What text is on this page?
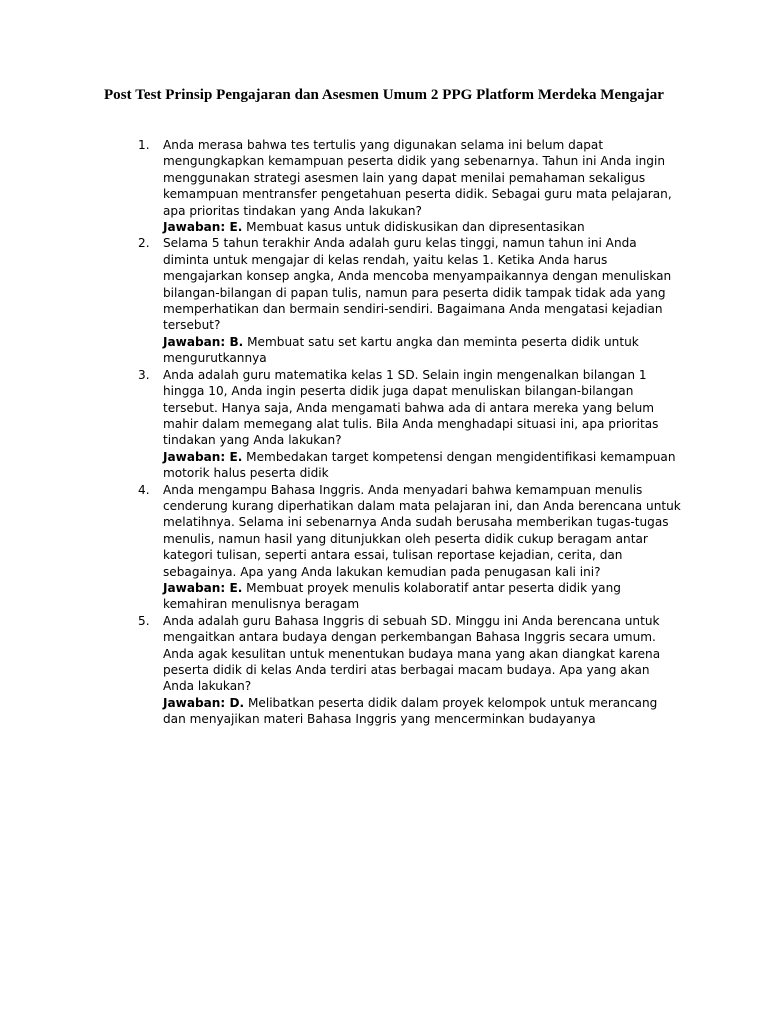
Post Test Prinsip Pengajaran dan Asesmen Umum 2 PPG Platform Merdeka Mengajar
1.	Anda merasa bahwa tes tertulis yang digunakan selama ini belum dapat mengungkapkan kemampuan peserta didik yang sebenarnya. Tahun ini Anda ingin menggunakan strategi asesmen lain yang dapat menilai pemahaman sekaligus kemampuan mentransfer pengetahuan peserta didik. Sebagai guru mata pelajaran, apa prioritas tindakan yang Anda lakukan?
Jawaban: E. Membuat kasus untuk didiskusikan dan dipresentasikan
2.	Selama 5 tahun terakhir Anda adalah guru kelas tinggi, namun tahun ini Anda diminta untuk mengajar di kelas rendah, yaitu kelas 1. Ketika Anda harus mengajarkan konsep angka, Anda mencoba menyampaikannya dengan menuliskan bilangan-bilangan di papan tulis, namun para peserta didik tampak tidak ada yang memperhatikan dan bermain sendiri-sendiri. Bagaimana Anda mengatasi kejadian tersebut?
Jawaban: B. Membuat satu set kartu angka dan meminta peserta didik untuk mengurutkannya
3.	Anda adalah guru matematika kelas 1 SD. Selain ingin mengenalkan bilangan 1 hingga 10, Anda ingin peserta didik juga dapat menuliskan bilangan-bilangan tersebut. Hanya saja, Anda mengamati bahwa ada di antara mereka yang belum mahir dalam memegang alat tulis. Bila Anda menghadapi situasi ini, apa prioritas tindakan yang Anda lakukan?
Jawaban: E. Membedakan target kompetensi dengan mengidentifikasi kemampuan motorik halus peserta didik
4.	Anda mengampu Bahasa Inggris. Anda menyadari bahwa kemampuan menulis cenderung kurang diperhatikan dalam mata pelajaran ini, dan Anda berencana untuk melatihnya. Selama ini sebenarnya Anda sudah berusaha memberikan tugas-tugas menulis, namun hasil yang ditunjukkan oleh peserta didik cukup beragam antar kategori tulisan, seperti antara essai, tulisan reportase kejadian, cerita, dan sebagainya. Apa yang Anda lakukan kemudian pada penugasan kali ini?
Jawaban: E. Membuat proyek menulis kolaboratif antar peserta didik yang kemahiran menulisnya beragam
5.	Anda adalah guru Bahasa Inggris di sebuah SD. Minggu ini Anda berencana untuk mengaitkan antara budaya dengan perkembangan Bahasa Inggris secara umum. Anda agak kesulitan untuk menentukan budaya mana yang akan diangkat karena peserta didik di kelas Anda terdiri atas berbagai macam budaya. Apa yang akan Anda lakukan?
Jawaban: D. Melibatkan peserta didik dalam proyek kelompok untuk merancang dan menyajikan materi Bahasa Inggris yang mencerminkan budayanya
